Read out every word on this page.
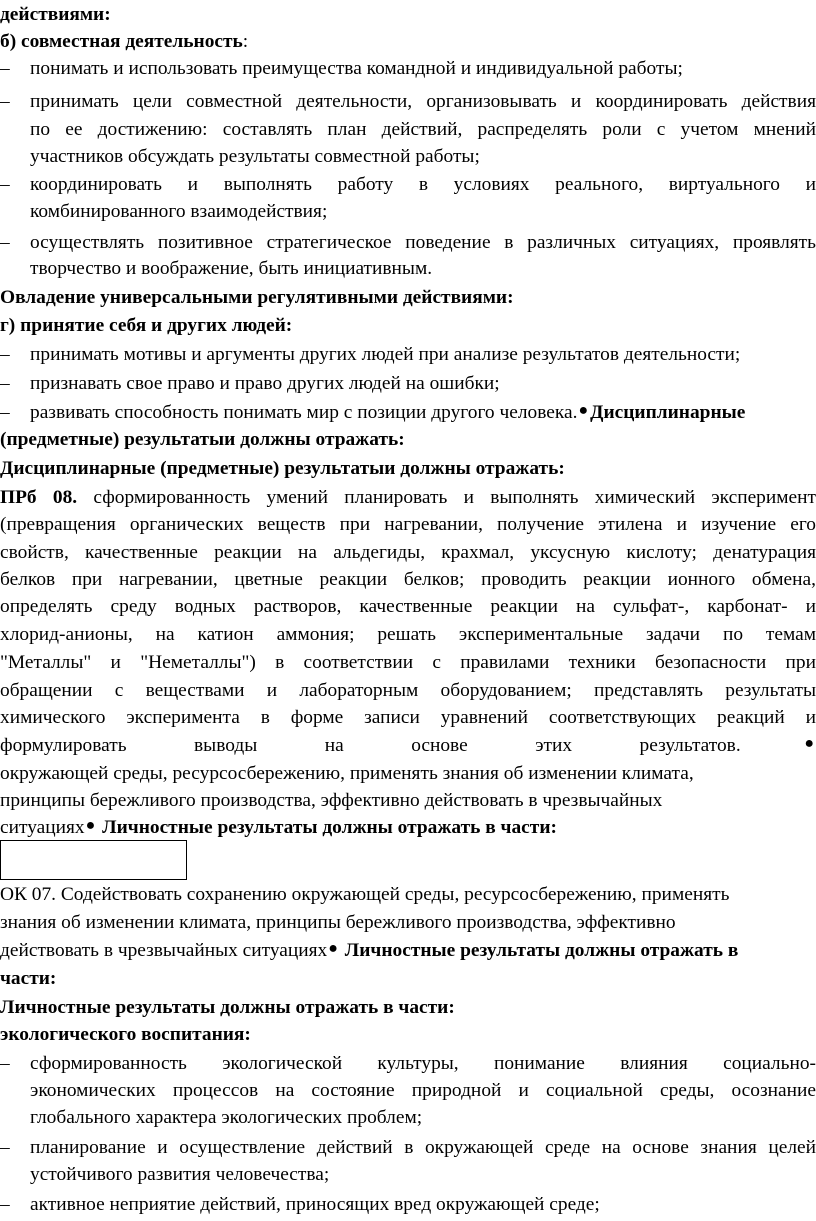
действиями:
б) совместная деятельность:
– понимать и использовать преимущества командной и индивидуальной работы;
– принимать цели совместной деятельности, организовывать и координировать действия
по ее достижению: составлять план действий, распределять роли с учетом мнений
участников обсуждать результаты совместной работы;
– координировать и выполнять работу в условиях реального, виртуального и
комбинированного взаимодействия;
– осуществлять позитивное стратегическое поведение в различных ситуациях, проявлять
творчество и воображение, быть инициативным.
Овладение универсальными регулятивными действиями:
г) принятие себя и других людей:
– принимать мотивы и аргументы других людей при анализе результатов деятельности;
– признавать свое право и право других людей на ошибки;
– развивать способность понимать мир с позиции другого человека.● Дисциплинарные
(предметные) результатыи должны отражать:
Дисциплинарные (предметные) результатыи должны отражать:
ПРб 08. сформированность умений планировать и выполнять химический эксперимент
(превращения органических веществ при нагревании, получение этилена и изучение его
свойств, качественные реакции на альдегиды, крахмал, уксусную кислоту; денатурация
белков при нагревании, цветные реакции белков; проводить реакции ионного обмена,
определять среду водных растворов, качественные реакции на сульфат-, карбонат- и
хлорид-анионы, на катион аммония; решать экспериментальные задачи по темам
"Металлы" и "Неметаллы") в соответствии с правилами техники безопасности при
обращении с веществами и лабораторным оборудованием; представлять результаты
химического эксперимента в форме записи уравнений соответствующих реакций и
формулировать выводы на основе этих результатов.●
окружающей среды, ресурсосбережению, применять знания об изменении климата,
принципы бережливого производства, эффективно действовать в чрезвычайных
ситуациях● Личностные результаты должны отражать в части:
ОК 07. Содействовать сохранению окружающей среды, ресурсосбережению, применять
знания об изменении климата, принципы бережливого производства, эффективно
действовать в чрезвычайных ситуациях● Личностные результаты должны отражать в
части:
Личностные результаты должны отражать в части:
экологического воспитания:
– сформированность экологической культуры, понимание влияния социально-
экономических процессов на состояние природной и социальной среды, осознание
глобального характера экологических проблем;
– планирование и осуществление действий в окружающей среде на основе знания целей
устойчивого развития человечества;
– активное неприятие действий, приносящих вред окружающей среде;
